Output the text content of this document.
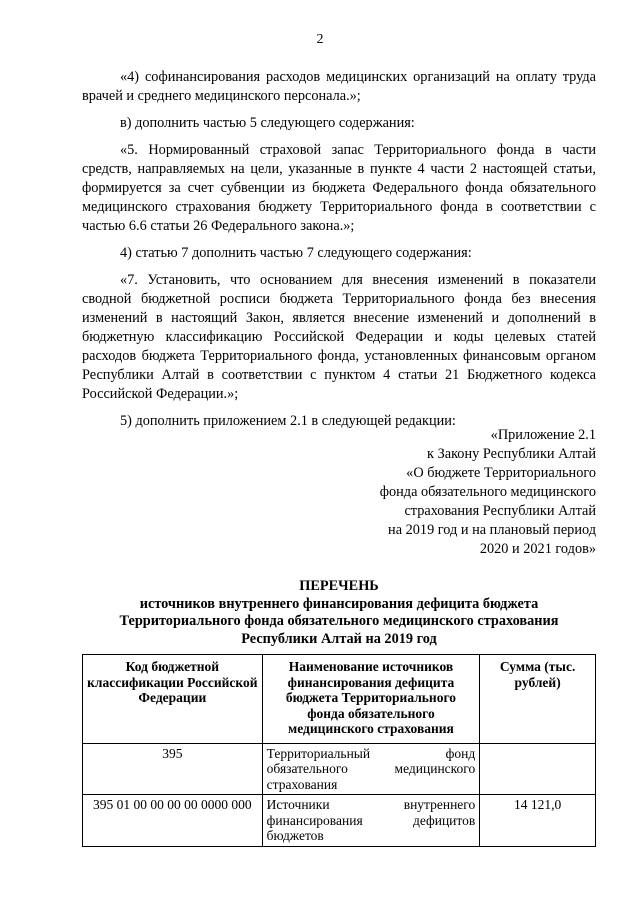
2

«4) софинансирования расходов медицинских организаций на оплату труда врачей и среднего медицинского персонала.»;

в) дополнить частью 5 следующего содержания:

«5. Нормированный страховой запас Территориального фонда в части средств, направляемых на цели, указанные в пункте 4 части 2 настоящей статьи, формируется за счет субвенции из бюджета Федерального фонда обязательного медицинского страхования бюджету Территориального фонда в соответствии с частью 6.6 статьи 26 Федерального закона.»;

4) статью 7 дополнить частью 7 следующего содержания:

«7. Установить, что основанием для внесения изменений в показатели сводной бюджетной росписи бюджета Территориального фонда без внесения изменений в настоящий Закон, является внесение изменений и дополнений в бюджетную классификацию Российской Федерации и коды целевых статей расходов бюджета Территориального фонда, установленных финансовым органом Республики Алтай в соответствии с пунктом 4 статьи 21 Бюджетного кодекса Российской Федерации.»;

5) дополнить приложением 2.1 в следующей редакции:

«Приложение 2.1
к Закону Республики Алтай
«О бюджете Территориального
фонда обязательного медицинского
страхования Республики Алтай
на 2019 год и на плановый период
2020 и 2021 годов»
ПЕРЕЧЕНЬ
источников внутреннего финансирования дефицита бюджета
Территориального фонда обязательного медицинского страхования
Республики Алтай на 2019 год
Код бюджетной классификации Российской Федерации	Наименование источников финансирования дефицита бюджета Территориального фонда обязательного медицинского страхования	Сумма (тыс. рублей)
395	Территориальный фонд обязательного медицинского страхования	
395 01 00 00 00 00 0000 000	Источники внутреннего финансирования дефицитов бюджетов	14 121,0
